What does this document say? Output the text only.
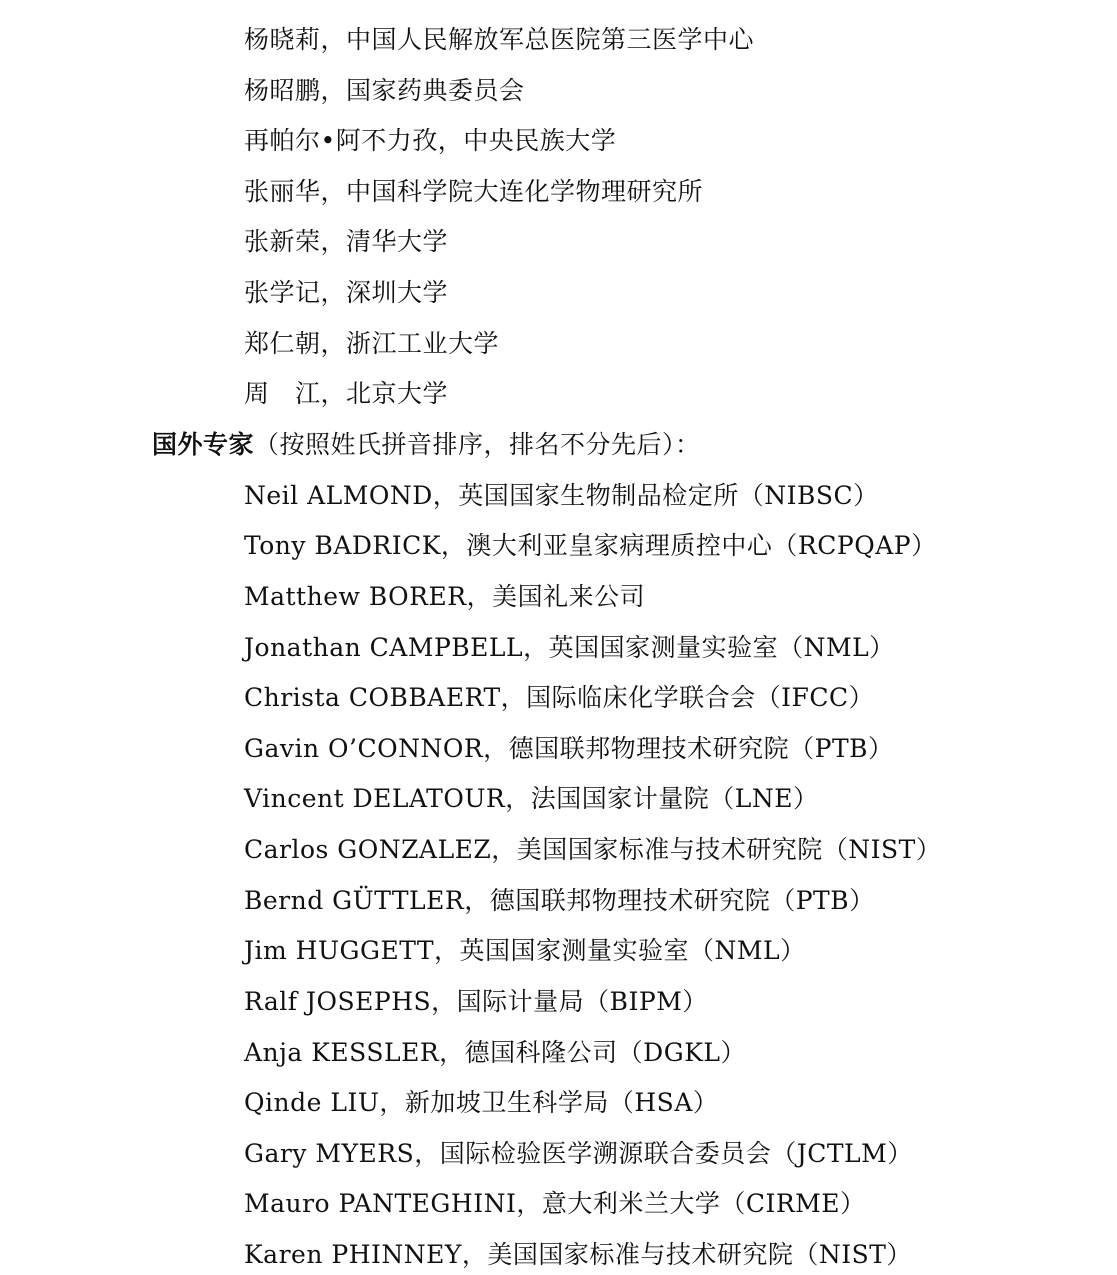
杨晓莉，中国人民解放军总医院第三医学中心
杨昭鹏，国家药典委员会
再帕尔•阿不力孜，中央民族大学
张丽华，中国科学院大连化学物理研究所
张新荣，清华大学
张学记，深圳大学
郑仁朝，浙江工业大学
周　江，北京大学
国外专家（按照姓氏拼音排序，排名不分先后）：
Neil ALMOND，英国国家生物制品检定所（NIBSC）
Tony BADRICK，澳大利亚皇家病理质控中心（RCPQAP）
Matthew BORER，美国礼来公司
Jonathan CAMPBELL，英国国家测量实验室（NML）
Christa COBBAERT，国际临床化学联合会（IFCC）
Gavin O’CONNOR，德国联邦物理技术研究院（PTB）
Vincent DELATOUR，法国国家计量院（LNE）
Carlos GONZALEZ，美国国家标准与技术研究院（NIST）
Bernd GÜTTLER，德国联邦物理技术研究院（PTB）
Jim HUGGETT，英国国家测量实验室（NML）
Ralf JOSEPHS，国际计量局（BIPM）
Anja KESSLER，德国科隆公司（DGKL）
Qinde LIU，新加坡卫生科学局（HSA）
Gary MYERS，国际检验医学溯源联合委员会（JCTLM）
Mauro PANTEGHINI，意大利米兰大学（CIRME）
Karen PHINNEY，美国国家标准与技术研究院（NIST）
